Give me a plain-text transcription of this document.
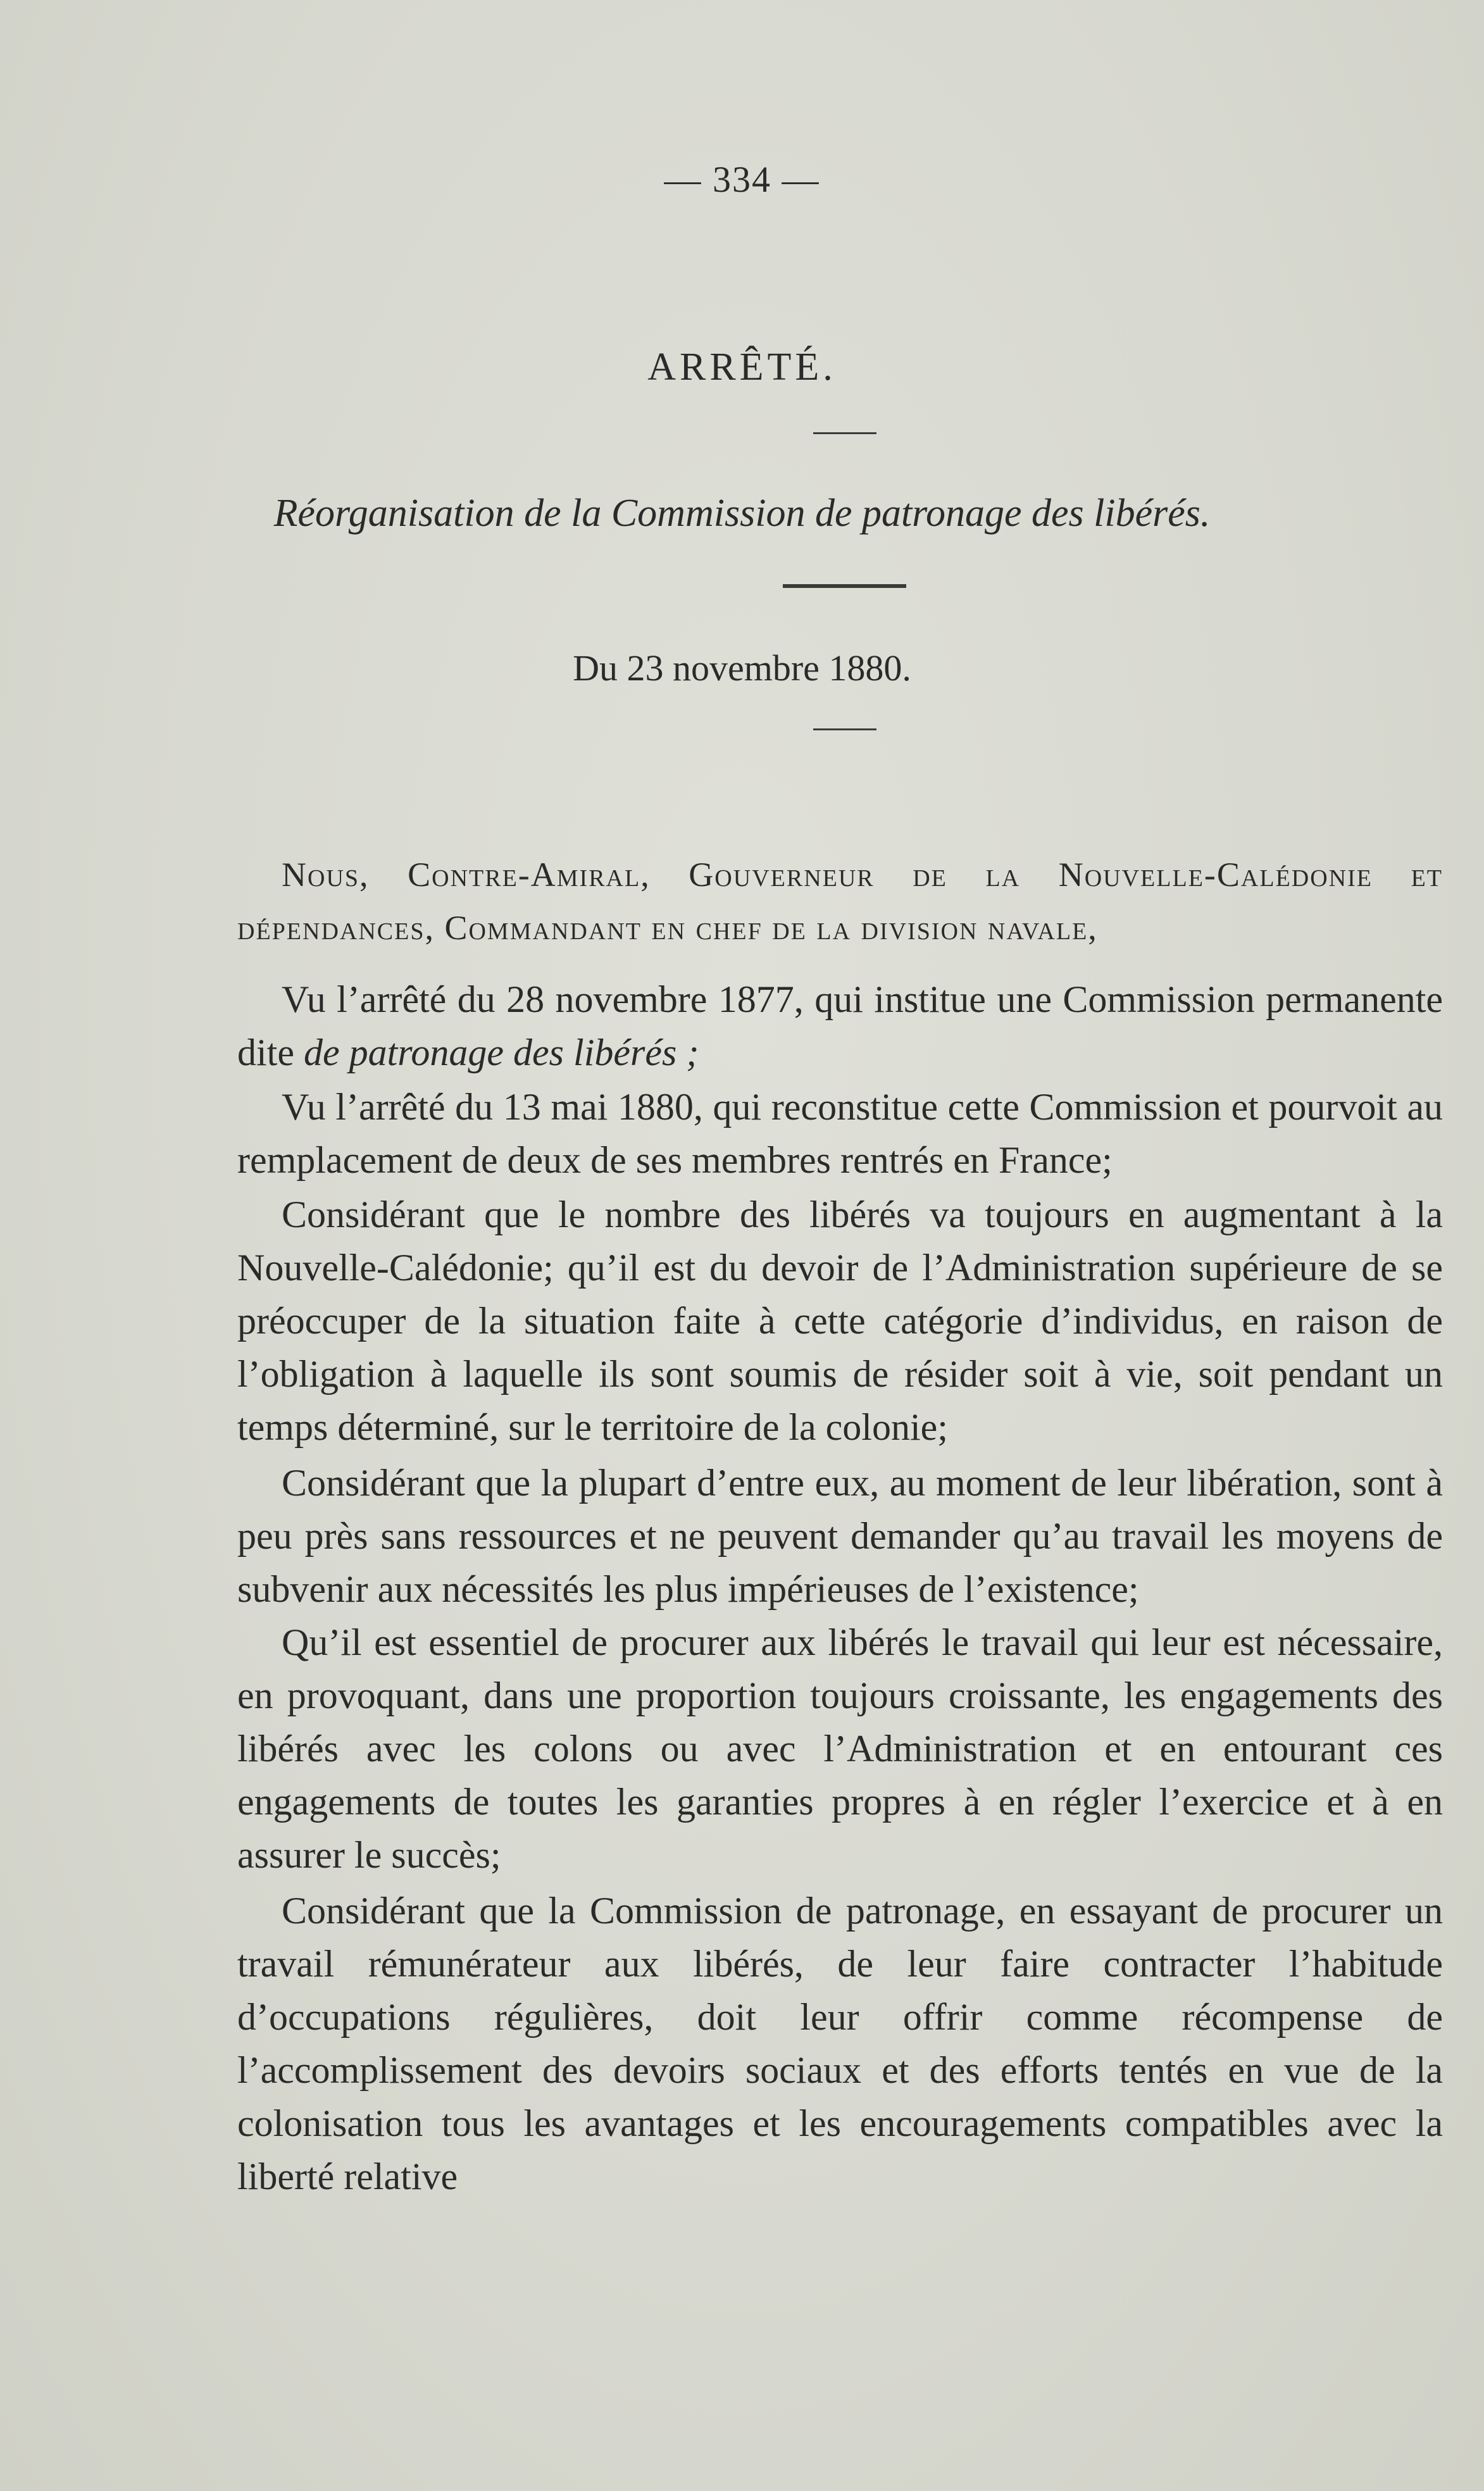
— 334 —
ARRÊTÉ.
Réorganisation de la Commission de patronage des libérés.
Du 23 novembre 1880.
Nous, Contre-Amiral, Gouverneur de la Nouvelle-Calédonie et dépendances, Commandant en chef de la division navale,
Vu l’arrêté du 28 novembre 1877, qui institue une Commission permanente dite de patronage des libérés ;
Vu l’arrêté du 13 mai 1880, qui reconstitue cette Commission et pourvoit au remplacement de deux de ses membres rentrés en France;
Considérant que le nombre des libérés va toujours en augmentant à la Nouvelle-Calédonie; qu’il est du devoir de l’Administration supérieure de se préoccuper de la situation faite à cette catégorie d’individus, en raison de l’obligation à laquelle ils sont soumis de résider soit à vie, soit pendant un temps déterminé, sur le territoire de la colonie;
Considérant que la plupart d’entre eux, au moment de leur libération, sont à peu près sans ressources et ne peuvent demander qu’au travail les moyens de subvenir aux nécessités les plus impérieuses de l’existence;
Qu’il est essentiel de procurer aux libérés le travail qui leur est nécessaire, en provoquant, dans une proportion toujours croissante, les engagements des libérés avec les colons ou avec l’Administration et en entourant ces engagements de toutes les garanties propres à en régler l’exercice et à en assurer le succès;
Considérant que la Commission de patronage, en essayant de procurer un travail rémunérateur aux libérés, de leur faire contracter l’habitude d’occupations régulières, doit leur offrir comme récompense de l’accomplissement des devoirs sociaux et des efforts tentés en vue de la colonisation tous les avantages et les encouragements compatibles avec la liberté relative
